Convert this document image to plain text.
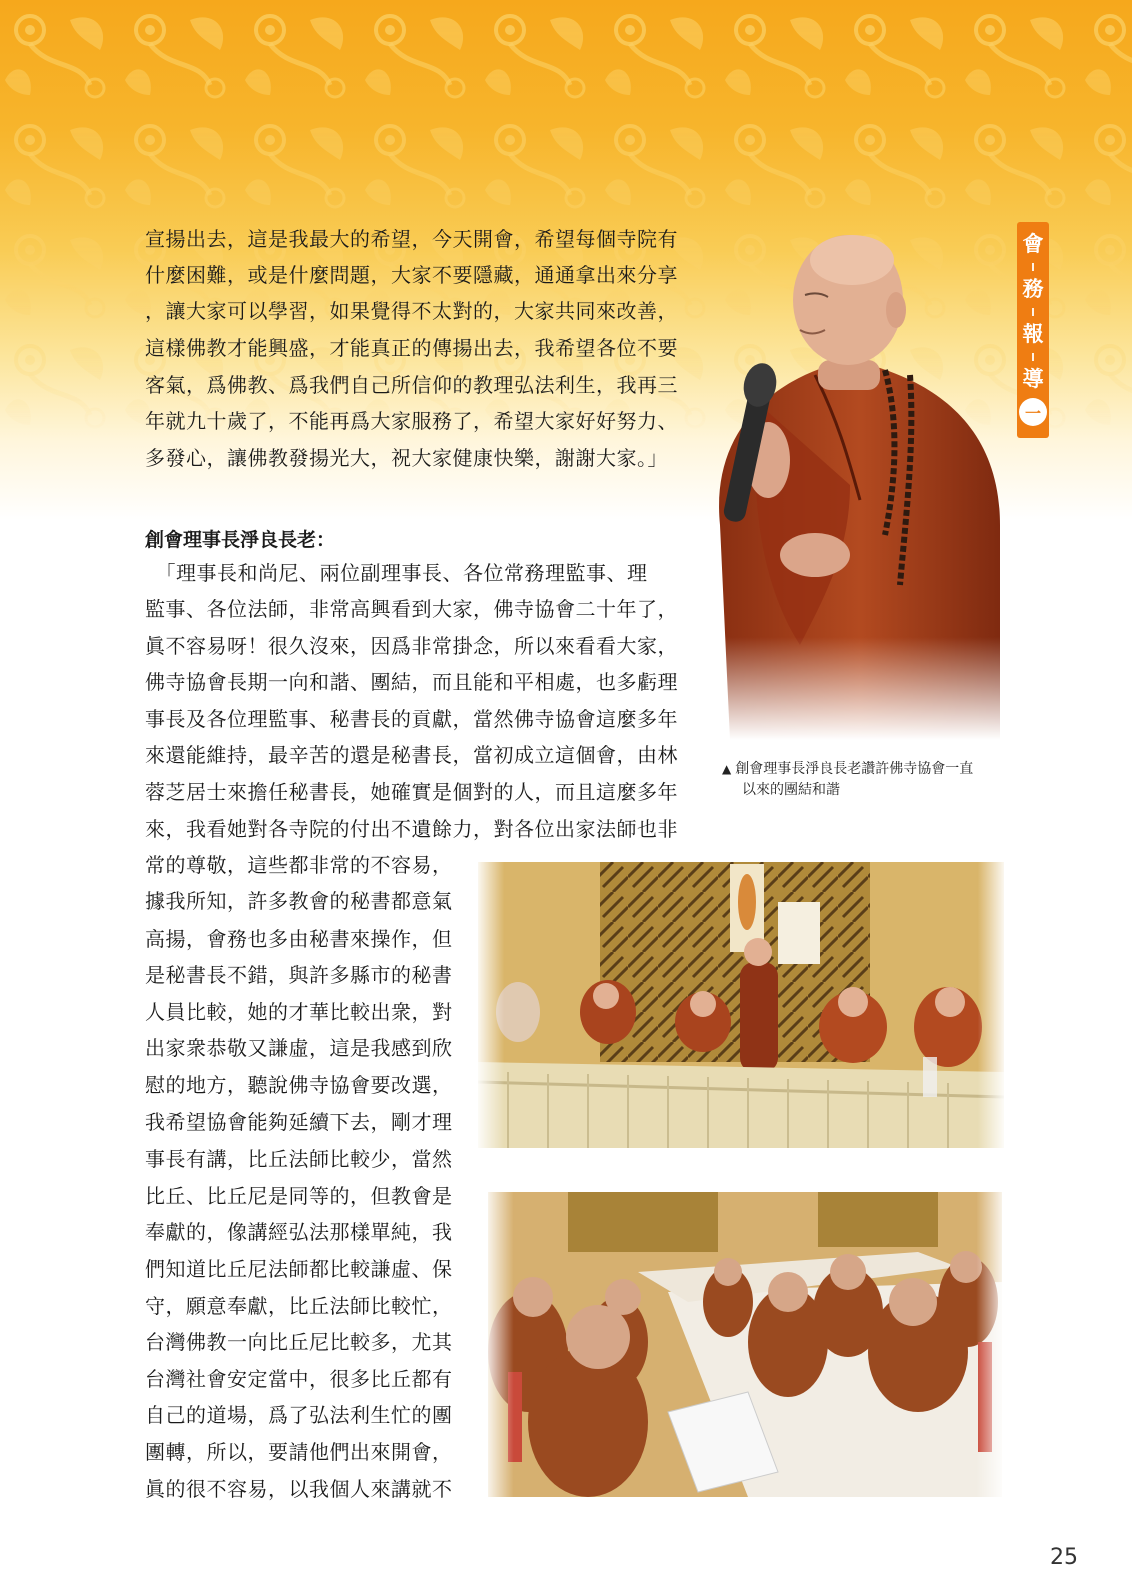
會
務
報
導
一
宣揚出去，這是我最大的希望，今天開會，希望每個寺院有
什麼困難，或是什麼問題，大家不要隱藏，通通拿出來分享
，讓大家可以學習，如果覺得不太對的，大家共同來改善，
這樣佛教才能興盛，才能真正的傳揚出去，我希望各位不要
客氣，爲佛教、爲我們自己所信仰的教理弘法利生，我再三
年就九十歲了，不能再爲大家服務了，希望大家好好努力、
多發心，讓佛教發揚光大，祝大家健康快樂，謝謝大家。」
創會理事長淨良長老：
　「理事長和尚尼、兩位副理事長、各位常務理監事、理
監事、各位法師，非常高興看到大家，佛寺協會二十年了，
眞不容易呀！很久沒來，因爲非常掛念，所以來看看大家，
佛寺協會長期一向和諧、團結，而且能和平相處，也多虧理
事長及各位理監事、秘書長的貢獻，當然佛寺協會這麼多年
來還能維持，最辛苦的還是秘書長，當初成立這個會，由林
蓉芝居士來擔任秘書長，她確實是個對的人，而且這麼多年
來，我看她對各寺院的付出不遺餘力，對各位出家法師也非
常的尊敬，這些都非常的不容易，
據我所知，許多教會的秘書都意氣
高揚，會務也多由秘書來操作，但
是秘書長不錯，與許多縣市的秘書
人員比較，她的才華比較出衆，對
出家衆恭敬又謙虛，這是我感到欣
慰的地方，聽說佛寺協會要改選，
我希望協會能夠延續下去，剛才理
事長有講，比丘法師比較少，當然
比丘、比丘尼是同等的，但教會是
奉獻的，像講經弘法那樣單純，我
們知道比丘尼法師都比較謙虛、保
守，願意奉獻，比丘法師比較忙，
台灣佛教一向比丘尼比較多，尤其
台灣社會安定當中，很多比丘都有
自己的道場，爲了弘法利生忙的團
團轉，所以，要請他們出來開會，
眞的很不容易，以我個人來講就不
▲ 創會理事長淨良長老讚許佛寺協會一直
以來的團結和諧
25
